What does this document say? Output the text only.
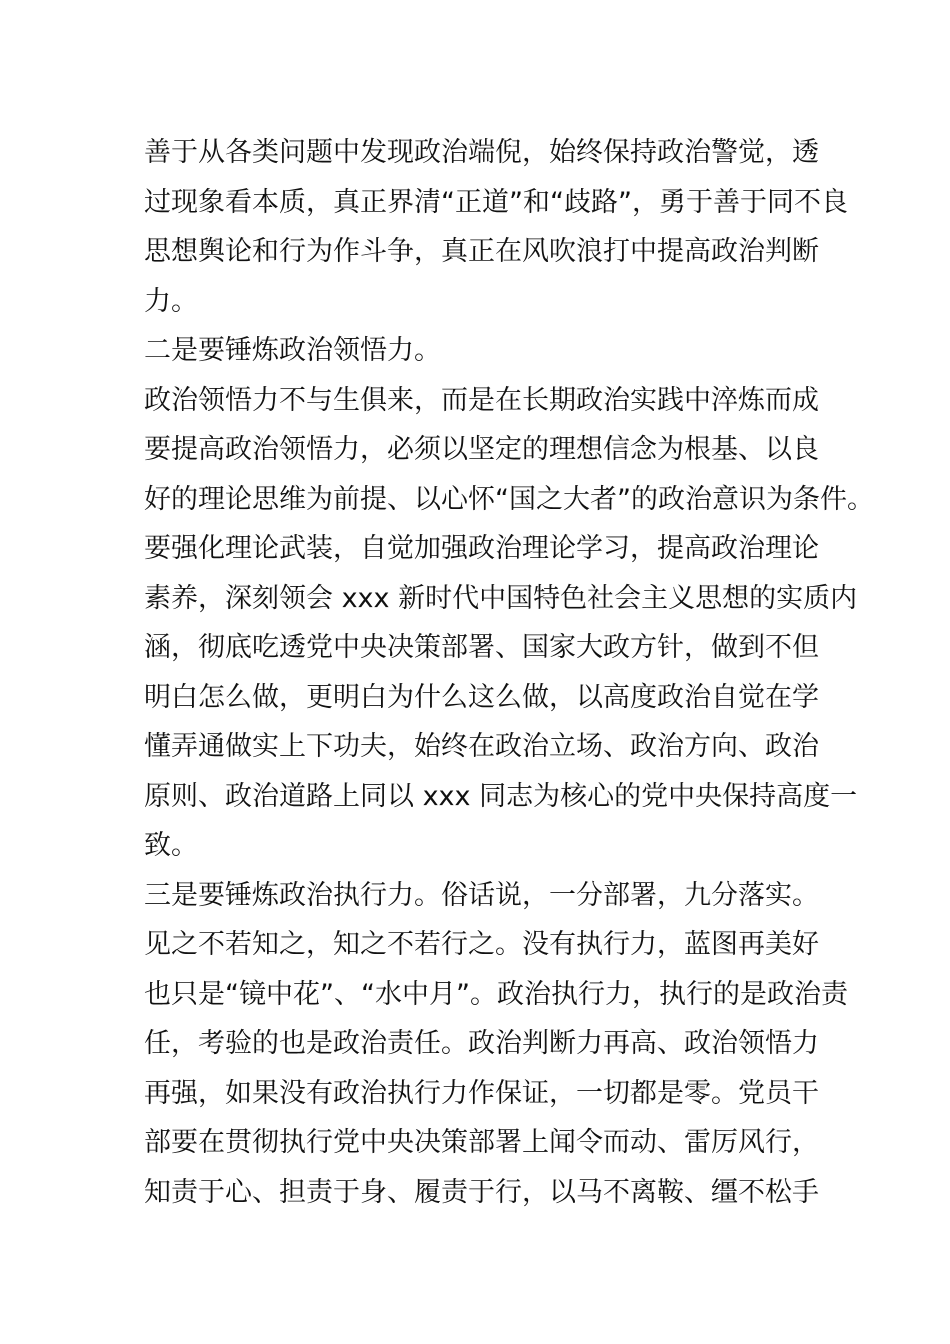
善于从各类问题中发现政治端倪，始终保持政治警觉，透
过现象看本质，真正界清“正道”和“歧路”，勇于善于同不良
思想舆论和行为作斗争，真正在风吹浪打中提高政治判断
力。
二是要锤炼政治领悟力。
政治领悟力不与生俱来，而是在长期政治实践中淬炼而成
要提高政治领悟力，必须以坚定的理想信念为根基、以良
好的理论思维为前提、以心怀“国之大者”的政治意识为条件。
要强化理论武装，自觉加强政治理论学习，提高政治理论
素养，深刻领会 xxx 新时代中国特色社会主义思想的实质内
涵，彻底吃透党中央决策部署、国家大政方针，做到不但
明白怎么做，更明白为什么这么做，以高度政治自觉在学
懂弄通做实上下功夫，始终在政治立场、政治方向、政治
原则、政治道路上同以 xxx 同志为核心的党中央保持高度一
致。
三是要锤炼政治执行力。俗话说，一分部署，九分落实。
见之不若知之，知之不若行之。没有执行力，蓝图再美好
也只是“镜中花”、“水中月”。政治执行力，执行的是政治责
任，考验的也是政治责任。政治判断力再高、政治领悟力
再强，如果没有政治执行力作保证，一切都是零。党员干
部要在贯彻执行党中央决策部署上闻令而动、雷厉风行，
知责于心、担责于身、履责于行，以马不离鞍、缰不松手
